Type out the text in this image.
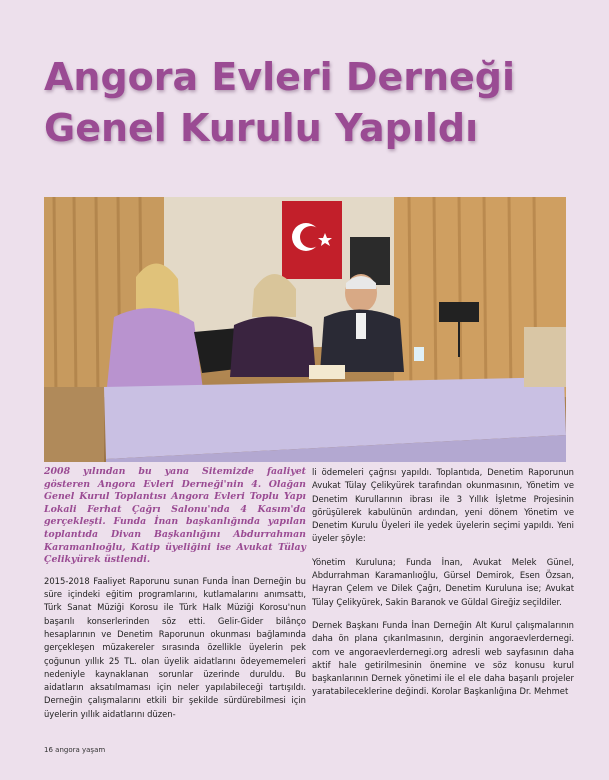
Angora Evleri Derneği
Genel Kurulu Yapıldı
2008 yılından bu yana Sitemizde faaliyet gösteren Angora Evleri Derneği'nin 4. Olağan Genel Kurul Toplantısı Angora Evleri Toplu Yapı Lokali Ferhat Çağrı Salonu'nda 4 Kasım'da gerçekleşti. Funda İnan başkanlığında yapılan toplantıda Divan Başkanlığını Abdurrahman Karamanlıoğlu, Katip üyeliğini ise Avukat Tülay Çelikyürek üstlendi.

2015-2018 Faaliyet Raporunu sunan Funda İnan Derneğin bu süre içindeki eğitim programlarını, kutlamalarını anımsattı, Türk Sanat Müziği Korosu ile Türk Halk Müziği Korosu'nun başarılı konserlerinden söz etti. Gelir-Gider bilânço hesaplarının ve Denetim Raporunun okunması bağlamında gerçekleşen müzakereler sırasında özellikle üyelerin pek çoğunun yıllık 25 TL. olan üyelik aidatlarını ödeyememeleri nedeniyle kaynaklanan sorunlar üzerinde duruldu. Bu aidatların aksatılmaması için neler yapılabileceği tartışıldı. Derneğin çalışmalarını etkili bir şekilde sürdürebilmesi için üyelerin yıllık aidatlarını düzen-

li ödemeleri çağrısı yapıldı. Toplantıda, Denetim Raporunun Avukat Tülay Çelikyürek tarafından okunmasının, Yönetim ve Denetim Kurullarının ibrası ile 3 Yıllık İşletme Projesinin görüşülerek kabulünün ardından, yeni dönem Yönetim ve Denetim Kurulu Üyeleri ile yedek üyelerin seçimi yapıldı. Yeni üyeler şöyle:

Yönetim Kuruluna; Funda İnan, Avukat Melek Günel, Abdurrahman Karamanlıoğlu, Gürsel Demirok, Esen Özsan, Hayran Çelem ve Dilek Çağrı, Denetim Kuruluna ise; Avukat Tülay Çelikyürek, Sakin Baranok ve Güldal Gireğiz seçildiler.

Dernek Başkanı Funda İnan Derneğin Alt Kurul çalışmalarının daha ön plana çıkarılmasının, derginin angoraevlerdernegi. com ve angoraevlerdernegi.org adresli web sayfasının daha aktif hale getirilmesinin önemine ve söz konusu kurul başkanlarının Dernek yönetimi ile el ele daha başarılı projeler yaratabileceklerine değindi. Korolar Başkanlığına Dr. Mehmet

16 angora yaşam
